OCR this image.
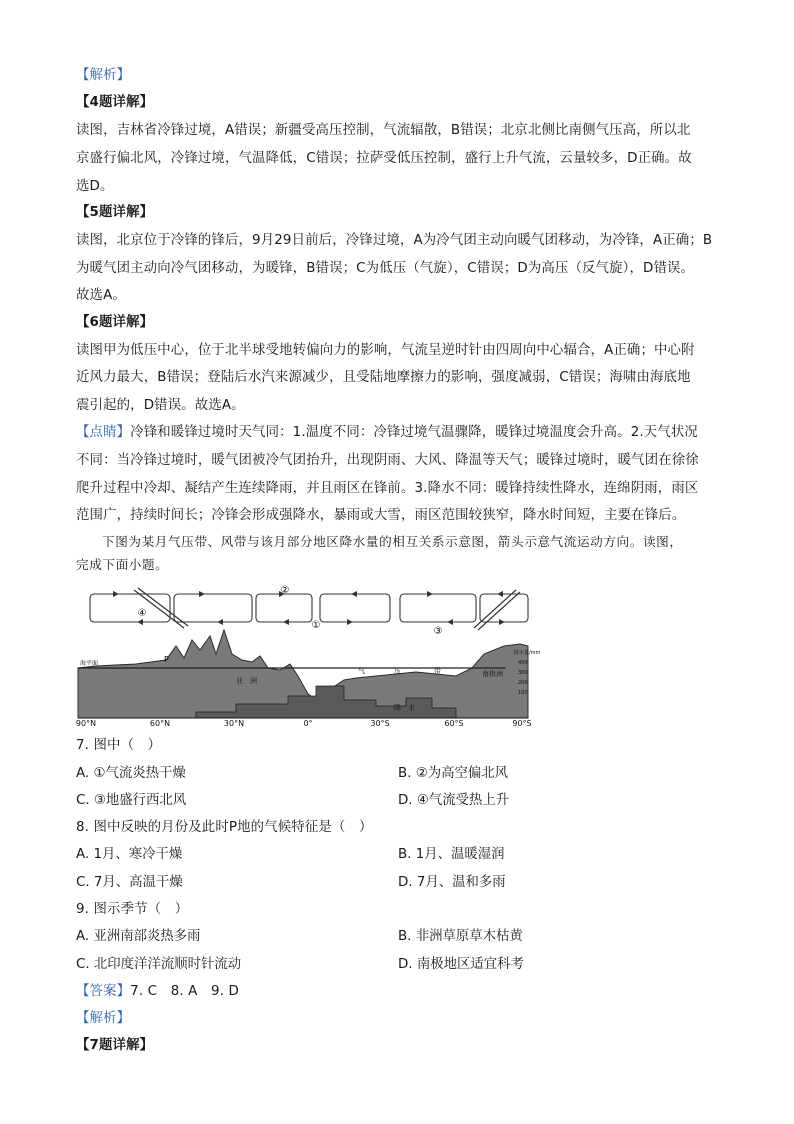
【解析】
【4题详解】
读图，吉林省冷锋过境，A错误；新疆受高压控制，气流辐散，B错误；北京北侧比南侧气压高，所以北
京盛行偏北风，冷锋过境，气温降低，C错误；拉萨受低压控制，盛行上升气流，云量较多，D正确。故
选D。
【5题详解】
读图，北京位于冷锋的锋后，9月29日前后，冷锋过境，A为冷气团主动向暖气团移动，为冷锋，A正确；B
为暖气团主动向冷气团移动，为暖锋，B错误；C为低压（气旋），C错误；D为高压（反气旋），D错误。
故选A。
【6题详解】
读图甲为低压中心，位于北半球受地转偏向力的影响，气流呈逆时针由四周向中心辐合，A正确；中心附
近风力最大，B错误；登陆后水汽来源减少，且受陆地摩擦力的影响，强度减弱，C错误；海啸由海底地
震引起的，D错误。故选A。
【点睛】冷锋和暖锋过境时天气同：1.温度不同：冷锋过境气温骤降，暖锋过境温度会升高。2.天气状况
不同：当冷锋过境时，暖气团被冷气团抬升，出现阴雨、大风、降温等天气；暖锋过境时，暖气团在徐徐
爬升过程中冷却、凝结产生连续降雨，并且雨区在锋前。3.降水不同：暖锋持续性降水，连绵阴雨，雨区
范围广，持续时间长；冷锋会形成强降水，暴雨或大雪，雨区范围较狭窄，降水时间短，主要在锋后。
下图为某月气压带、风带与该月部分地区降水量的相互关系示意图，箭头示意气流运动方向。读图，
完成下面小题。
②
①
④
③
海平面	P
亚　洲
气	压	带	南极洲
降　水
降水量/mm
400
300
200
100
90°N	60°N	30°N	0°	30°S	60°S	90°S
7. 图中（　）
A. ①气流炎热干燥	B. ②为高空偏北风
C. ③地盛行西北风	D. ④气流受热上升
8. 图中反映的月份及此时P地的气候特征是（　）
A. 1月、寒冷干燥	B. 1月、温暖湿润
C. 7月、高温干燥	D. 7月、温和多雨
9. 图示季节（　）
A. 亚洲南部炎热多雨	B. 非洲草原草木枯黄
C. 北印度洋洋流顺时针流动	D. 南极地区适宜科考
【答案】7. C　8. A　9. D
【解析】
【7题详解】
